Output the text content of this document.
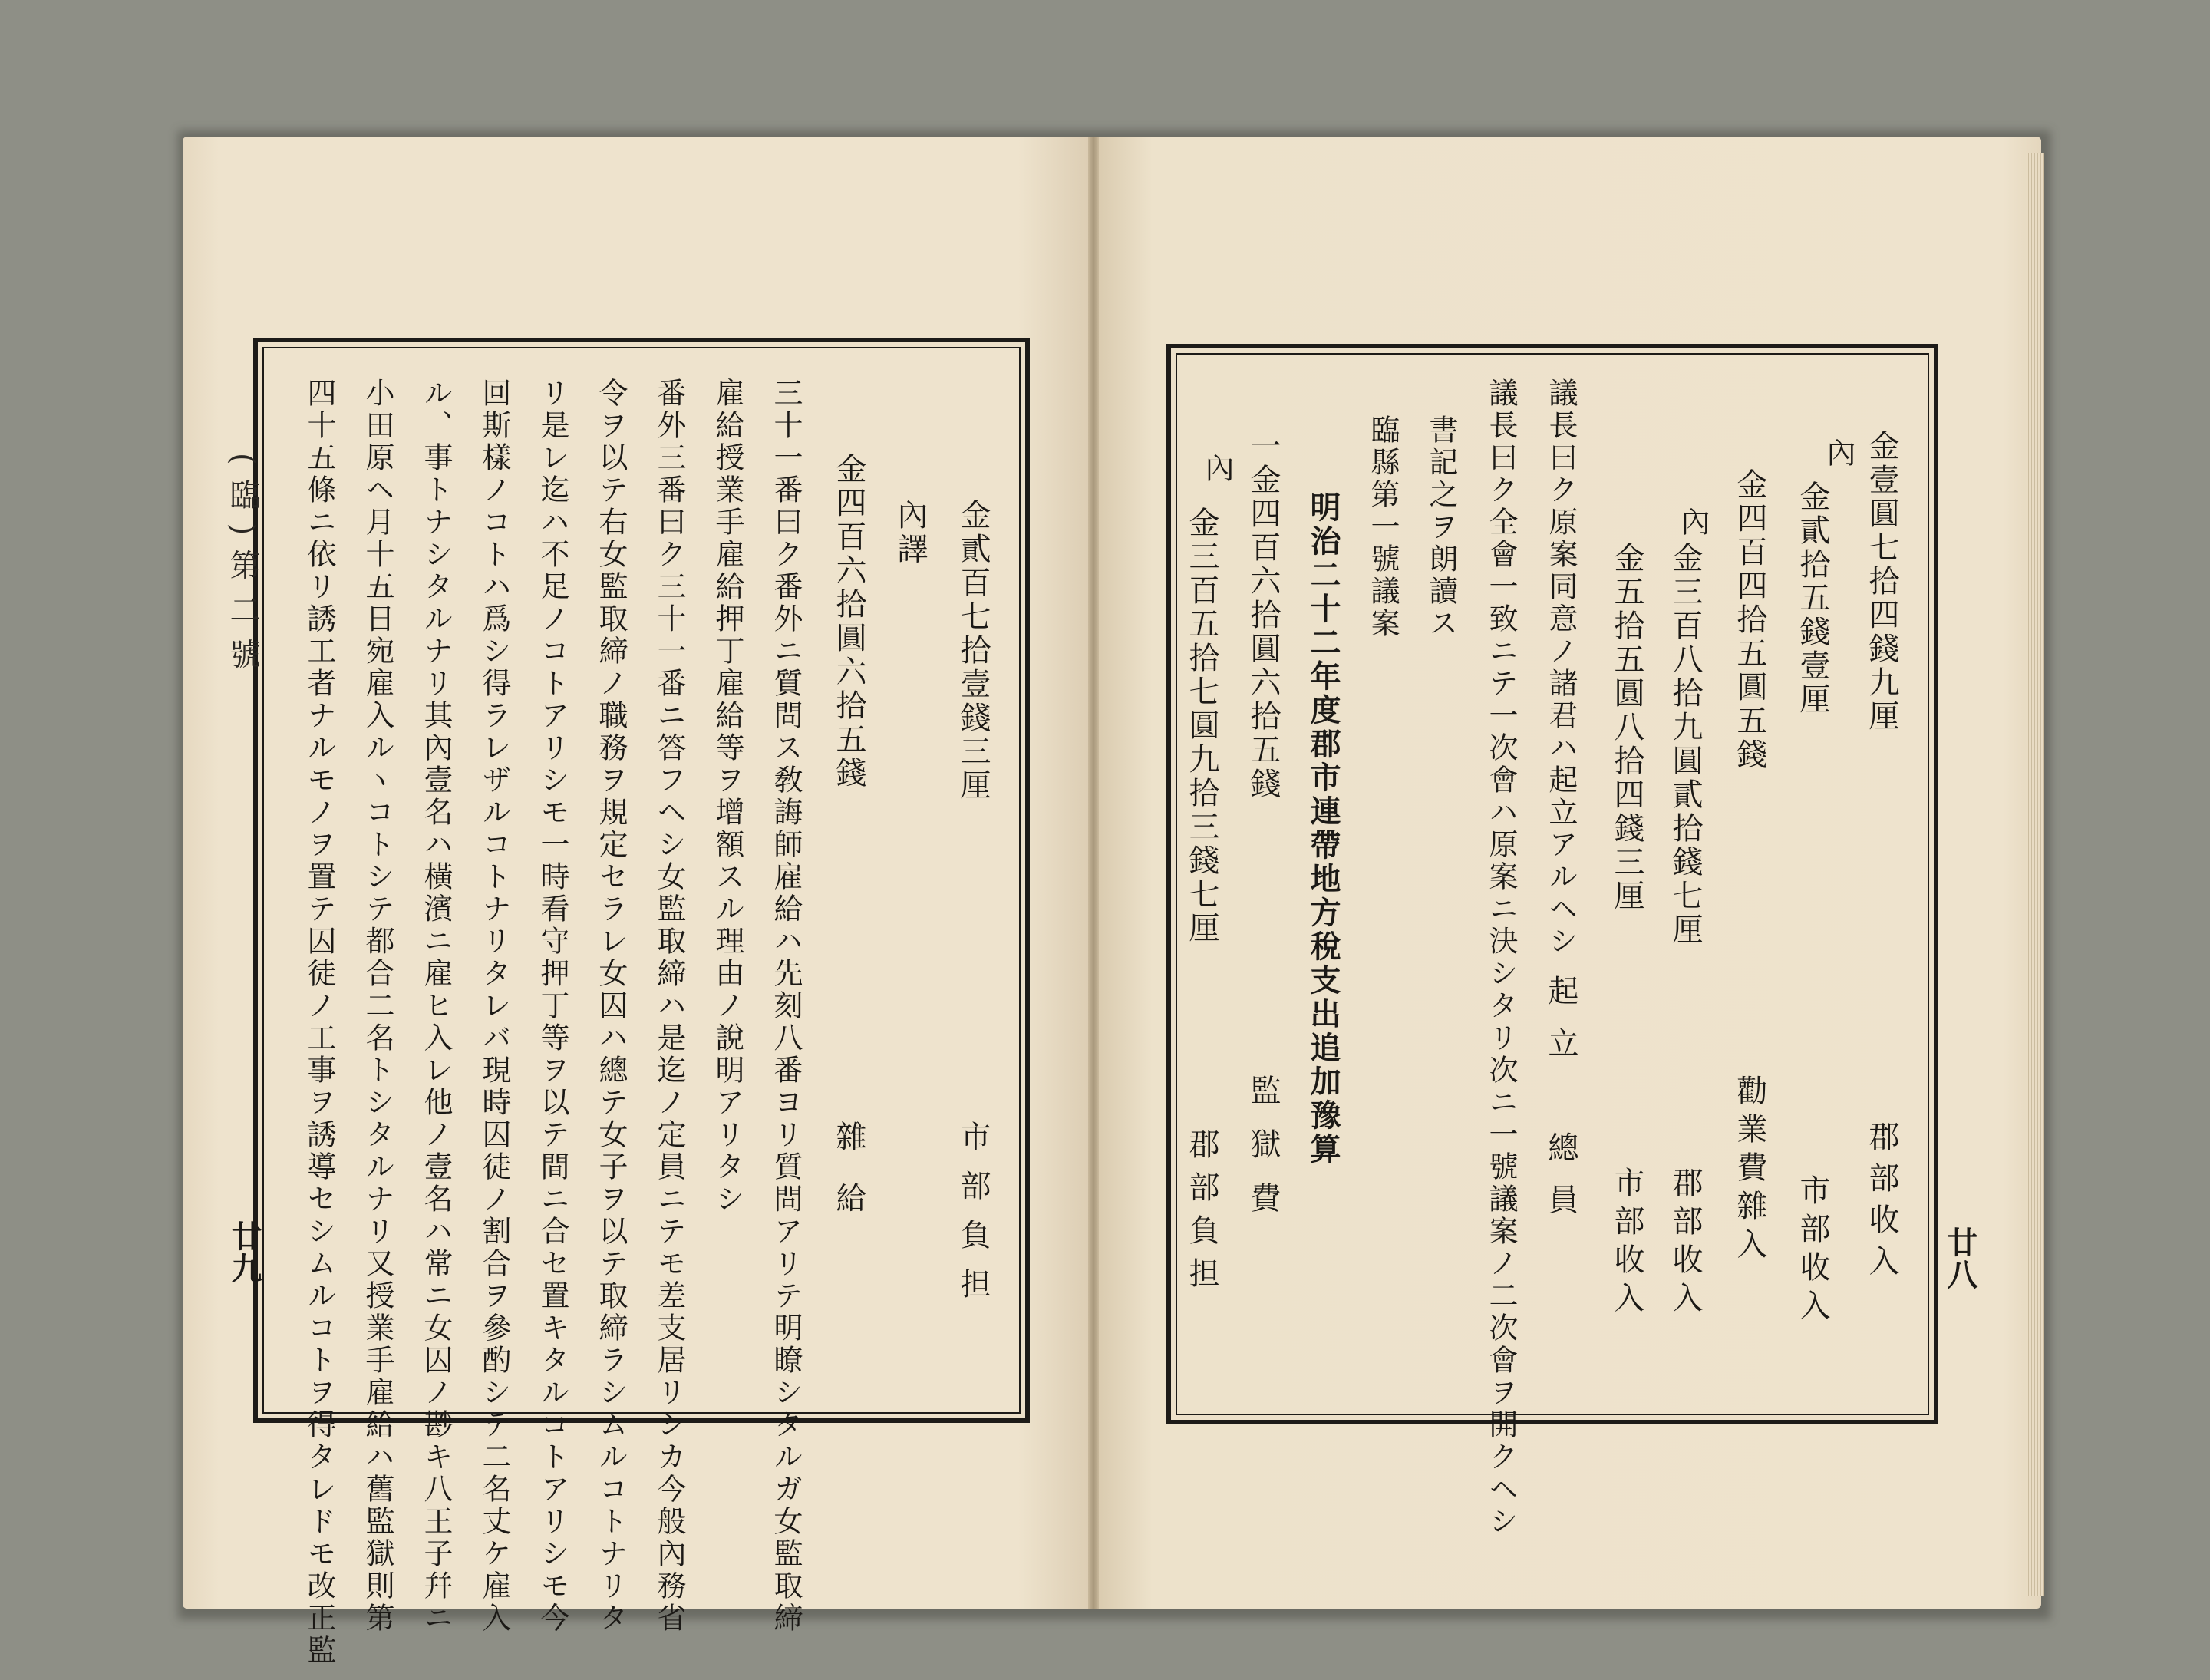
(臨)第二號
廿九	廿八
金貳百七拾壹錢三厘
市部負担
內譯
金四百六拾圓六拾五錢
雜給
三十一番曰ク番外ニ質問ス敎誨師雇給ハ先刻八番ヨリ質問アリテ明瞭シタルガ女監取締
雇給授業手雇給押丁雇給等ヲ增額スル理由ノ說明アリタシ
番外三番曰ク三十一番ニ答フヘシ女監取締ハ是迄ノ定員ニテモ差支居リシカ今般內務省
令ヲ以テ右女監取締ノ職務ヲ規定セラレ女囚ハ總テ女子ヲ以テ取締ラシムルコトナリタ
リ是レ迄ハ不足ノコトアリシモ一時看守押丁等ヲ以テ間ニ合セ置キタルコトアリシモ今
回斯樣ノコトハ爲シ得ラレザルコトナリタレバ現時囚徒ノ割合ヲ參酌シテ二名丈ケ雇入
ル、事トナシタルナリ其內壹名ハ橫濱ニ雇ヒ入レ他ノ壹名ハ常ニ女囚ノ尠キ八王子幷ニ
小田原ヘ月十五日宛雇入ルヽコトシテ都合二名トシタルナリ又授業手雇給ハ舊監獄則第
四十五條ニ依リ誘工者ナルモノヲ置テ囚徒ノ工事ヲ誘導セシムルコトヲ得タレドモ改正監	金壹圓七拾四錢九厘
郡部收入
內
金貳拾五錢壹厘
市部收入
金四百四拾五圓五錢
勸業費雜入
內
金三百八拾九圓貳拾錢七厘
郡部收入
金五拾五圓八拾四錢三厘
市部收入
議長曰ク原案同意ノ諸君ハ起立アルヘシ
起立　總員
議長曰ク全會一致ニテ一次會ハ原案ニ決シタリ次ニ一號議案ノ二次會ヲ開クヘシ
書記之ヲ朗讀ス
臨縣第一號議案
明治二十二年度郡市連帶地方稅支出追加豫算
一金四百六拾圓六拾五錢
監獄費
內
金三百五拾七圓九拾三錢七厘
郡部負担
